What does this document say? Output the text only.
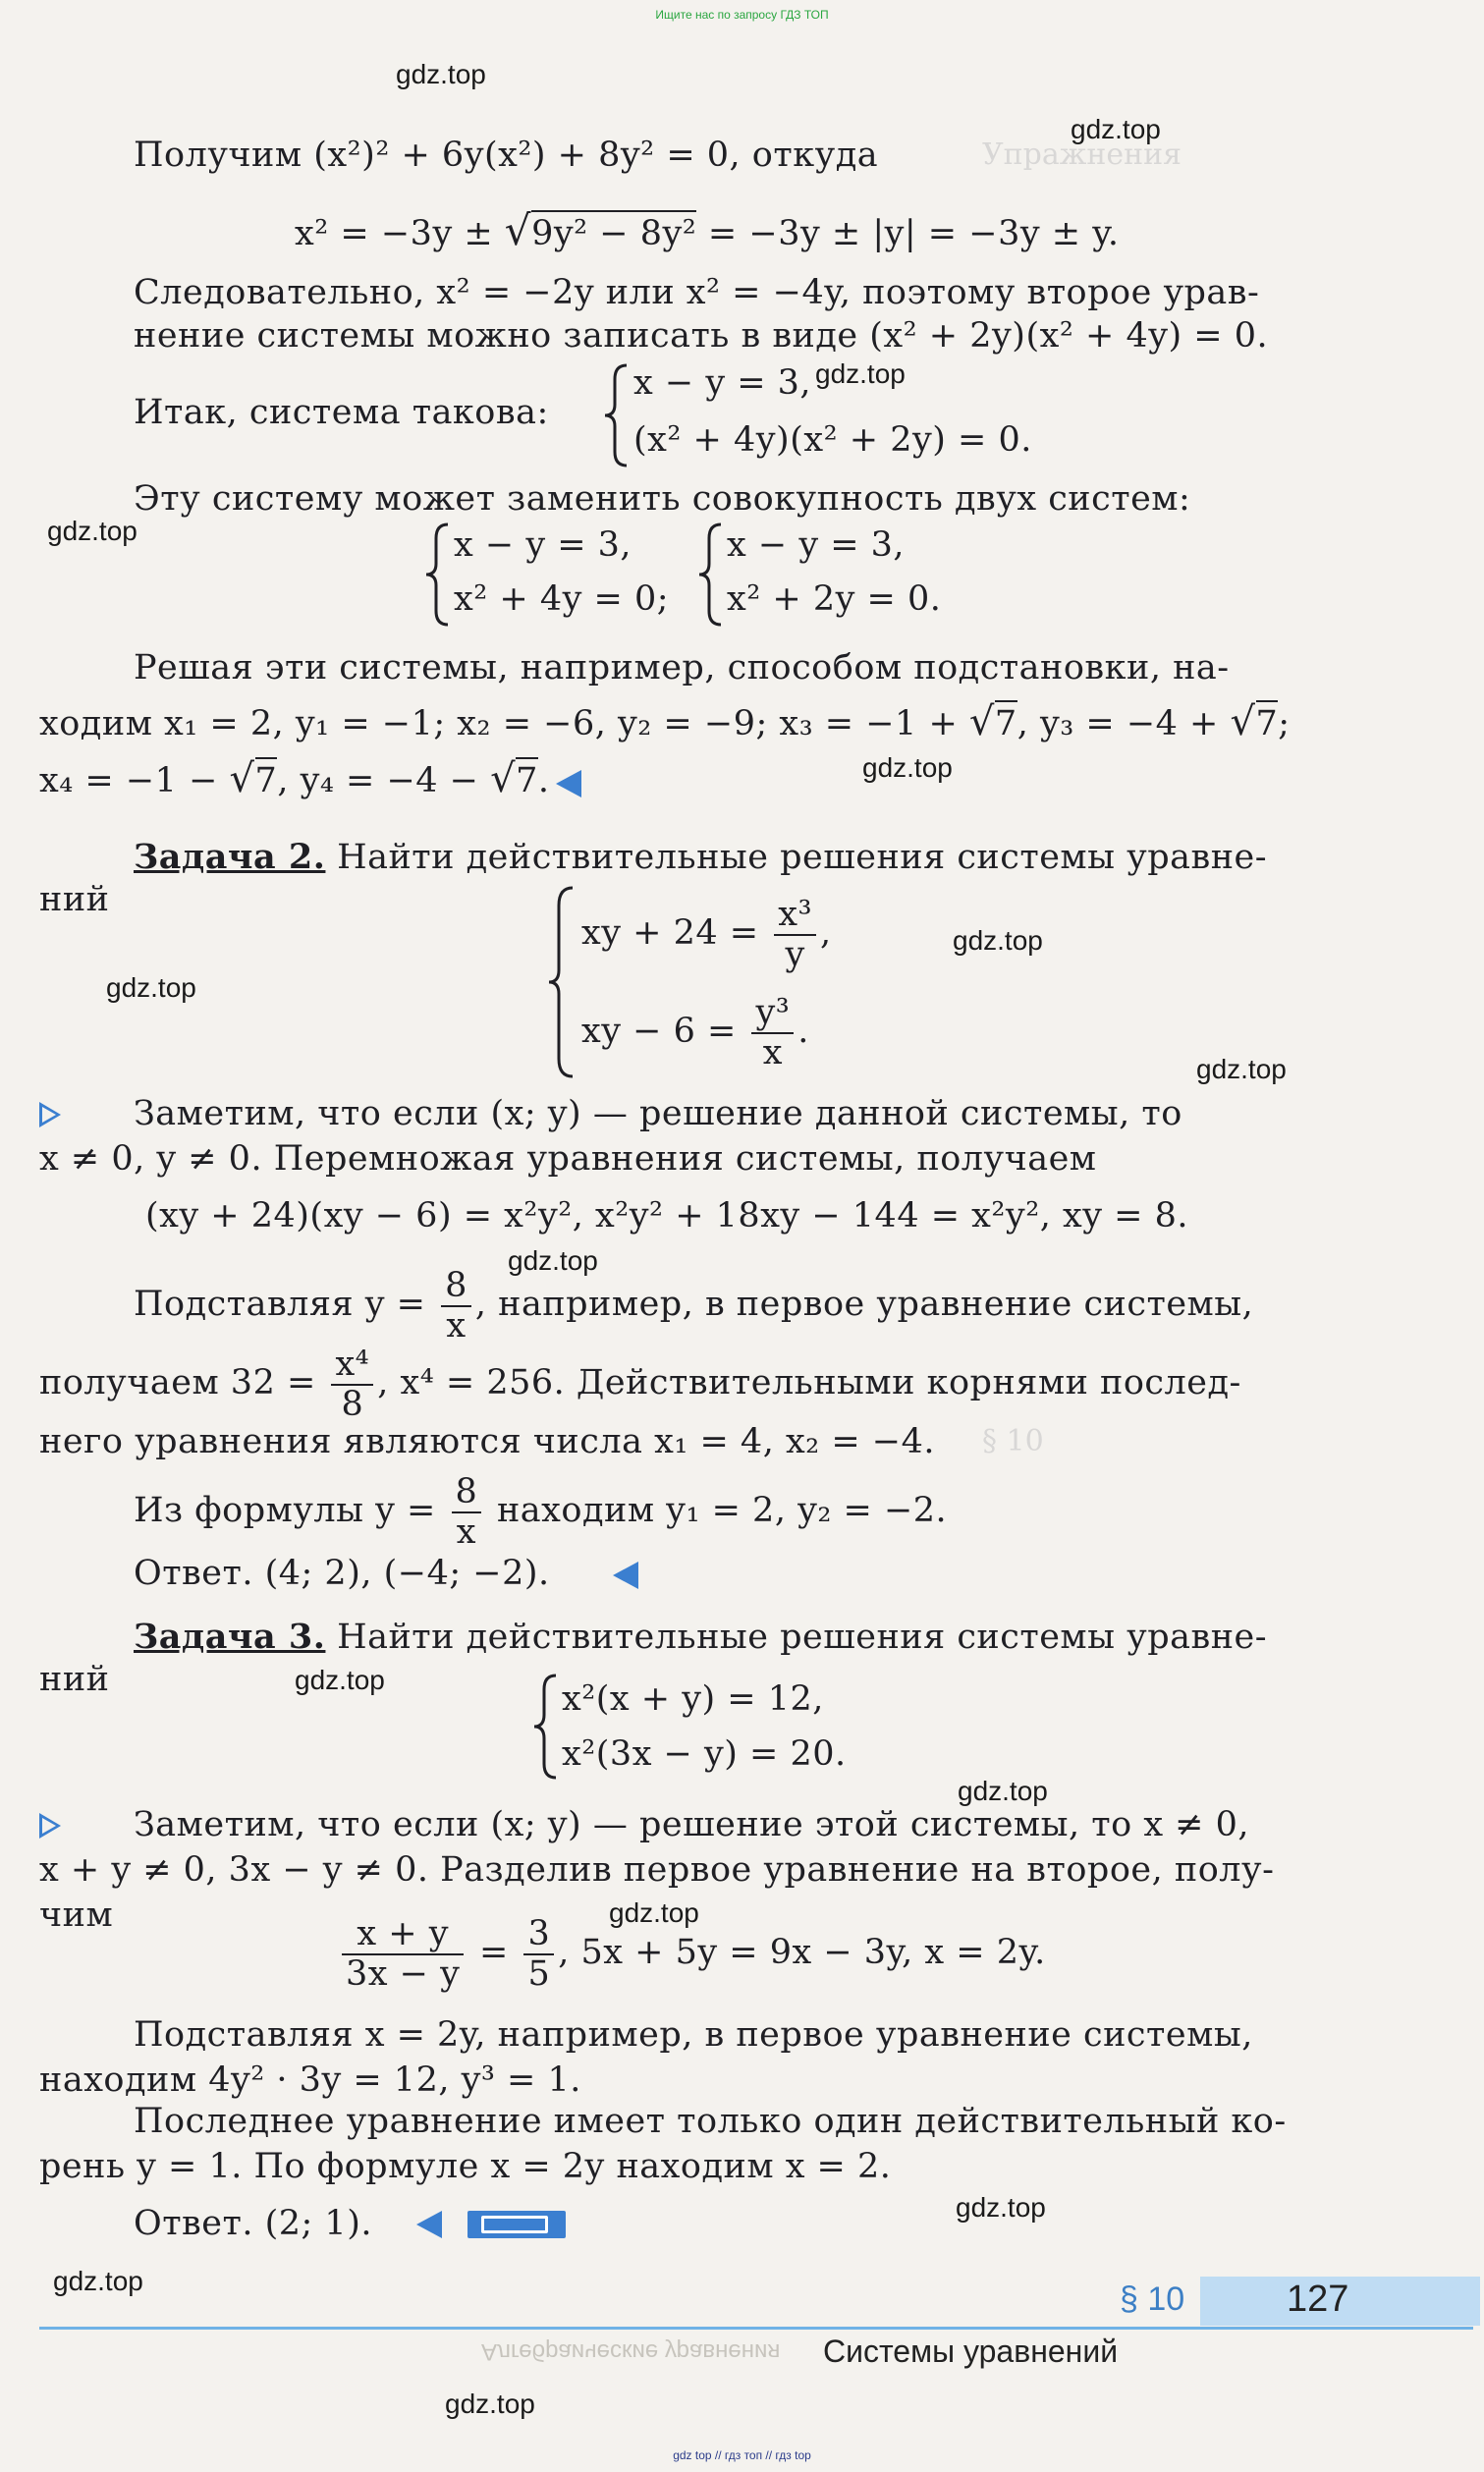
Ищите нас по запросу ГДЗ ТОП
Упражнения
§ 10
gdz.top
gdz.top
gdz.top
gdz.top
gdz.top
gdz.top
gdz.top
gdz.top
gdz.top
gdz.top
gdz.top
gdz.top
gdz.top
gdz.top
gdz.top
Получим (x²)² + 6y(x²) + 8y² = 0, откуда
x² = −3y ± √9y² − 8y² = −3y ± |y| = −3y ± y.
Следовательно, x² = −2y или x² = −4y, поэтому второе урав-
нение системы можно записать в виде (x² + 2y)(x² + 4y) = 0.
Итак, система такова:
x − y = 3,
(x² + 4y)(x² + 2y) = 0.
Эту систему может заменить совокупность двух систем:
x − y = 3,
x² + 4y = 0;
x − y = 3,
x² + 2y = 0.
Решая эти системы, например, способом подстановки, на-
ходим x₁ = 2, y₁ = −1; x₂ = −6, y₂ = −9; x₃ = −1 + √7, y₃ = −4 + √7;
x₄ = −1 − √7, y₄ = −4 − √7.
Задача 2. Найти действительные решения системы уравне-
ний
xy + $24 = \frac{\text{x³}}{y}$ ,
xy − $6 = \frac{\text{y³}}{x}$ .
Заметим, что если (x; y) — решение данной системы, то
x ≠ 0, y ≠ 0. Перемножая уравнения системы, получаем
(xy + 24)(xy − 6) = x²y², x²y² + 18xy − 144 = x²y², xy = 8.
Подставляя $y = \frac{8}{x}$ , например, в первое уравнение системы,
получаем $32 = \frac{\text{x⁴}}{8}$ , x⁴ = 256. Действительными корнями послед-
него уравнения являются числа x₁ = 4, x₂ = −4.
Из формулы $y = \frac{8}{x}$ находим y₁ = 2, y₂ = −2.
Ответ. (4; 2), (−4; −2).
Задача 3. Найти действительные решения системы уравне-
ний	x²(x + y) = 12,
x²(3x − y) = 20.
Заметим, что если (x; y) — решение этой системы, то x ≠ 0,
x + y ≠ 0, 3x − y ≠ 0. Разделив первое уравнение на второе, полу-
чим	$\frac{x + y}{3x - y} = \frac{3}{5}$ , 5x + 5y = 9x − 3y, x = 2y.
Подставляя x = 2y, например, в первое уравнение системы,
находим 4y² · 3y = 12, y³ = 1.
Последнее уравнение имеет только один действительный ко-
рень y = 1. По формуле x = 2y находим x = 2.
Ответ. (2; 1).
§ 10	127
Алгебраические уравнения Системы уравнений
gdz top // гдз топ // гдз top
